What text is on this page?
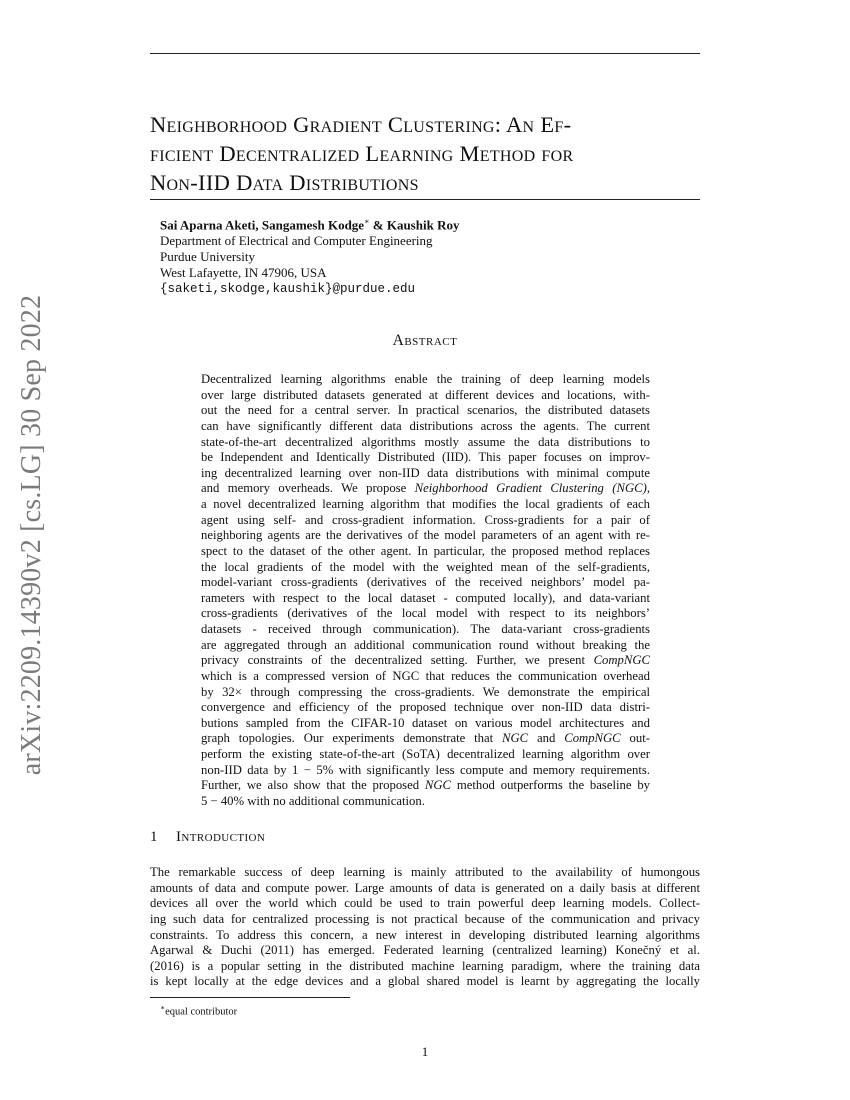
arXiv:2209.14390v2 [cs.LG] 30 Sep 2022
Neighborhood Gradient Clustering: An Ef-
ficient Decentralized Learning Method for
Non-IID Data Distributions
Sai Aparna Aketi, Sangamesh Kodge∗ & Kaushik Roy
Department of Electrical and Computer Engineering
Purdue University
West Lafayette, IN 47906, USA
{saketi,skodge,kaushik}@purdue.edu
Abstract
Decentralized learning algorithms enable the training of deep learning models
over large distributed datasets generated at different devices and locations, with-
out the need for a central server. In practical scenarios, the distributed datasets
can have significantly different data distributions across the agents. The current
state-of-the-art decentralized algorithms mostly assume the data distributions to
be Independent and Identically Distributed (IID). This paper focuses on improv-
ing decentralized learning over non-IID data distributions with minimal compute
and memory overheads. We propose Neighborhood Gradient Clustering (NGC),
a novel decentralized learning algorithm that modifies the local gradients of each
agent using self- and cross-gradient information. Cross-gradients for a pair of
neighboring agents are the derivatives of the model parameters of an agent with re-
spect to the dataset of the other agent. In particular, the proposed method replaces
the local gradients of the model with the weighted mean of the self-gradients,
model-variant cross-gradients (derivatives of the received neighbors’ model pa-
rameters with respect to the local dataset - computed locally), and data-variant
cross-gradients (derivatives of the local model with respect to its neighbors’
datasets - received through communication). The data-variant cross-gradients
are aggregated through an additional communication round without breaking the
privacy constraints of the decentralized setting. Further, we present CompNGC
which is a compressed version of NGC that reduces the communication overhead
by 32× through compressing the cross-gradients. We demonstrate the empirical
convergence and efficiency of the proposed technique over non-IID data distri-
butions sampled from the CIFAR-10 dataset on various model architectures and
graph topologies. Our experiments demonstrate that NGC and CompNGC out-
perform the existing state-of-the-art (SoTA) decentralized learning algorithm over
non-IID data by 1 − 5% with significantly less compute and memory requirements.
Further, we also show that the proposed NGC method outperforms the baseline by
5 − 40% with no additional communication.
1 Introduction
The remarkable success of deep learning is mainly attributed to the availability of humongous
amounts of data and compute power. Large amounts of data is generated on a daily basis at different
devices all over the world which could be used to train powerful deep learning models. Collect-
ing such data for centralized processing is not practical because of the communication and privacy
constraints. To address this concern, a new interest in developing distributed learning algorithms
Agarwal & Duchi (2011) has emerged. Federated learning (centralized learning) Konečný et al.
(2016) is a popular setting in the distributed machine learning paradigm, where the training data
is kept locally at the edge devices and a global shared model is learnt by aggregating the locally
∗equal contributor
1
